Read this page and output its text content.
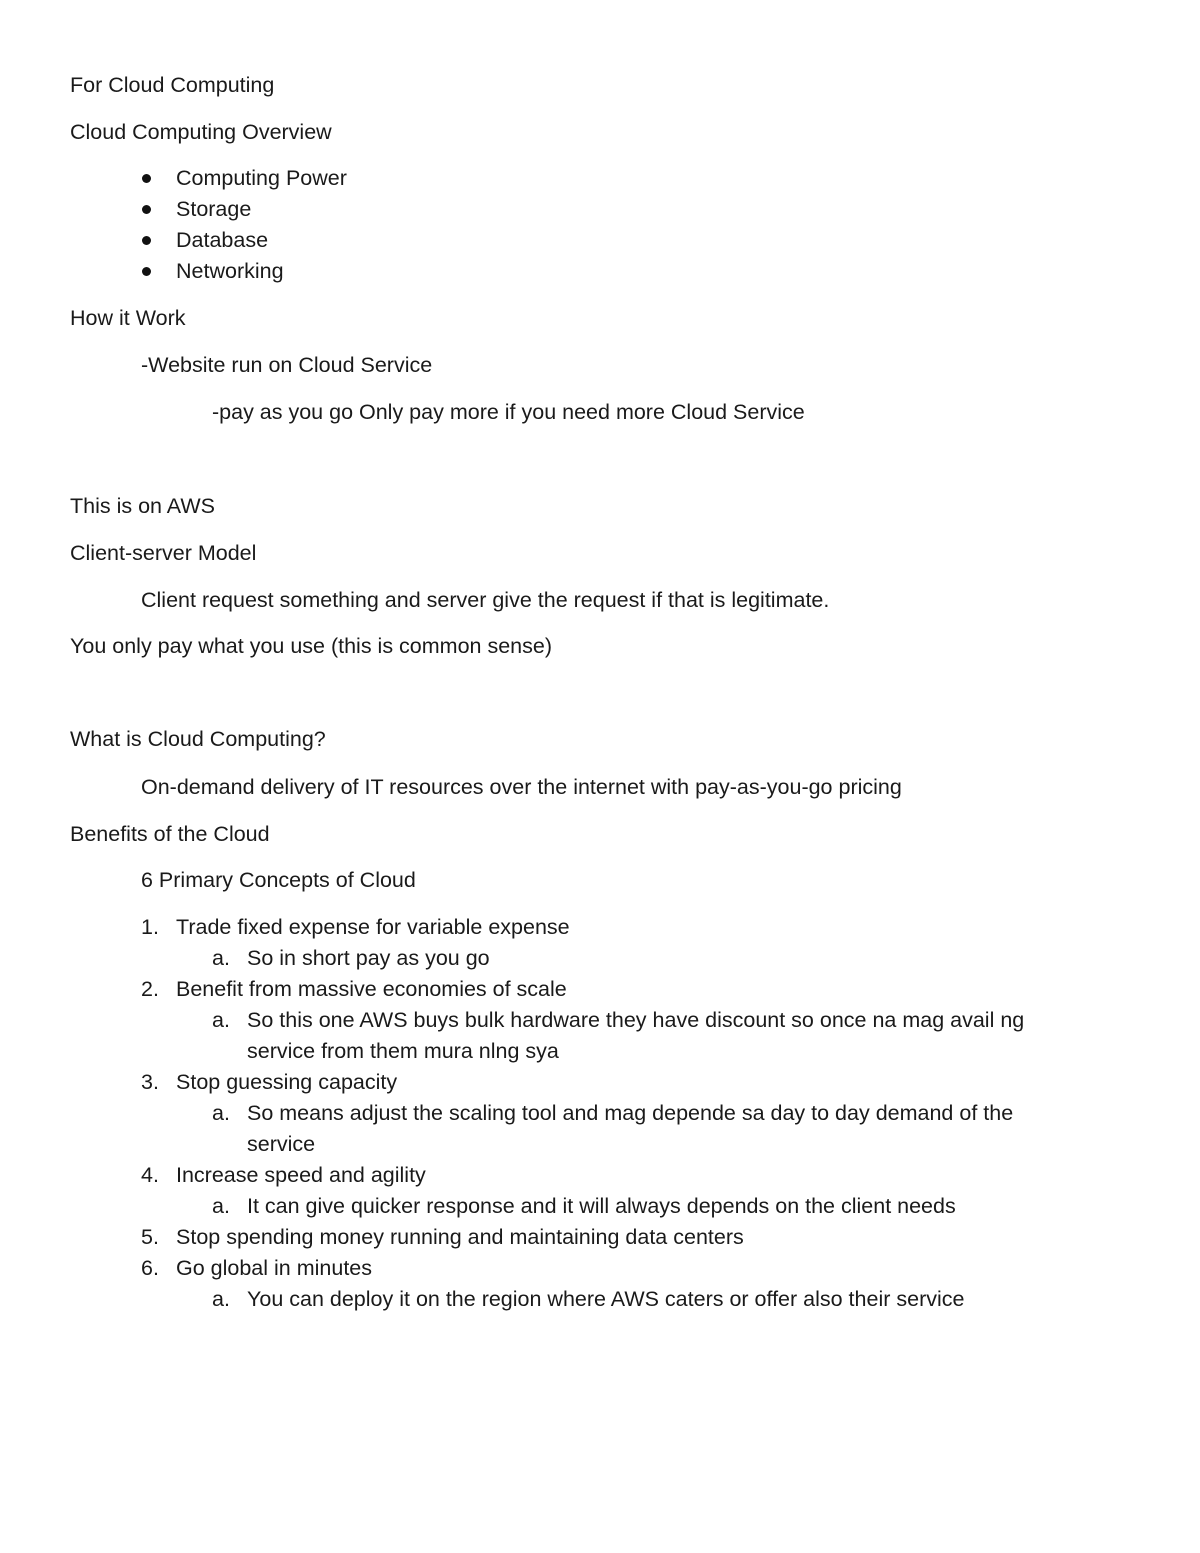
For Cloud Computing
Cloud Computing Overview
Computing Power
Storage
Database
Networking
How it Work
-Website run on Cloud Service
-pay as you go Only pay more if you need more Cloud Service
This is on AWS
Client-server Model
Client request something and server give the request if that is legitimate.
You only pay what you use (this is common sense)
What is Cloud Computing?
On-demand delivery of IT resources over the internet with pay-as-you-go pricing
Benefits of the Cloud
6 Primary Concepts of Cloud
1. Trade fixed expense for variable expense
a. So in short pay as you go
2. Benefit from massive economies of scale
a. So this one AWS buys bulk hardware they have discount so once na mag avail ng
service from them mura nlng sya
3. Stop guessing capacity
a. So means adjust the scaling tool and mag depende sa day to day demand of the
service
4. Increase speed and agility
a. It can give quicker response and it will always depends on the client needs
5. Stop spending money running and maintaining data centers
6. Go global in minutes
a. You can deploy it on the region where AWS caters or offer also their service
